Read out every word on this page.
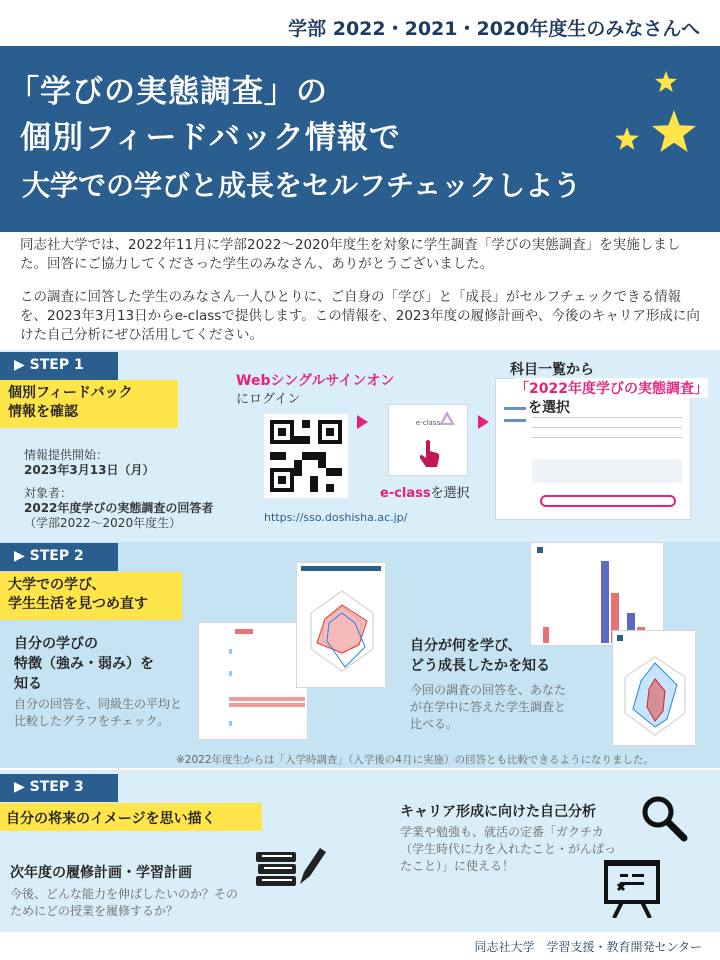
学部 2022・2021・2020年度生のみなさんへ
「学びの実態調査」の
個別フィードバック情報で
大学での学びと成長をセルフチェックしよう
同志社大学では、2022年11月に学部2022〜2020年度生を対象に学生調査「学びの実態調査」を実施しました。回答にご協力してくださった学生のみなさん、ありがとうございました。
この調査に回答した学生のみなさん一人ひとりに、ご自身の「学び」と「成長」がセルフチェックできる情報を、2023年3月13日からe-classで提供します。この情報を、2023年度の履修計画や、今後のキャリア形成に向けた自己分析にぜひ活用してください。
▶ STEP 1
個別フィードバック
情報を確認
情報提供開始：
2023年3月13日（月）
対象者：
2022年度学びの実態調査の回答者
（学部2022〜2020年度生）
Webシングルサインオン
にログイン
https://sso.doshisha.ac.jp/
e-class
e-classを選択
科目一覧から
「2022年度学びの実態調査」
を選択
▶ STEP 2
大学での学び、
学生生活を見つめ直す
自分の学びの
特徴（強み・弱み）を
知る
自分の回答を、同級生の平均と比較したグラフをチェック。
自分が何を学び、
どう成長したかを知る
今回の調査の回答を、あなたが在学中に答えた学生調査と比べる。
※2022年度生からは「入学時調査」（入学後の4月に実施）の回答とも比較できるようになりました。
▶ STEP 3
自分の将来のイメージを思い描く
次年度の履修計画・学習計画
今後、どんな能力を伸ばしたいのか？そのためにどの授業を履修するか？
キャリア形成に向けた自己分析
学業や勉強も、就活の定番「ガクチカ（学生時代に力を入れたこと・がんばったこと）」に使える！
同志社大学　学習支援・教育開発センター
